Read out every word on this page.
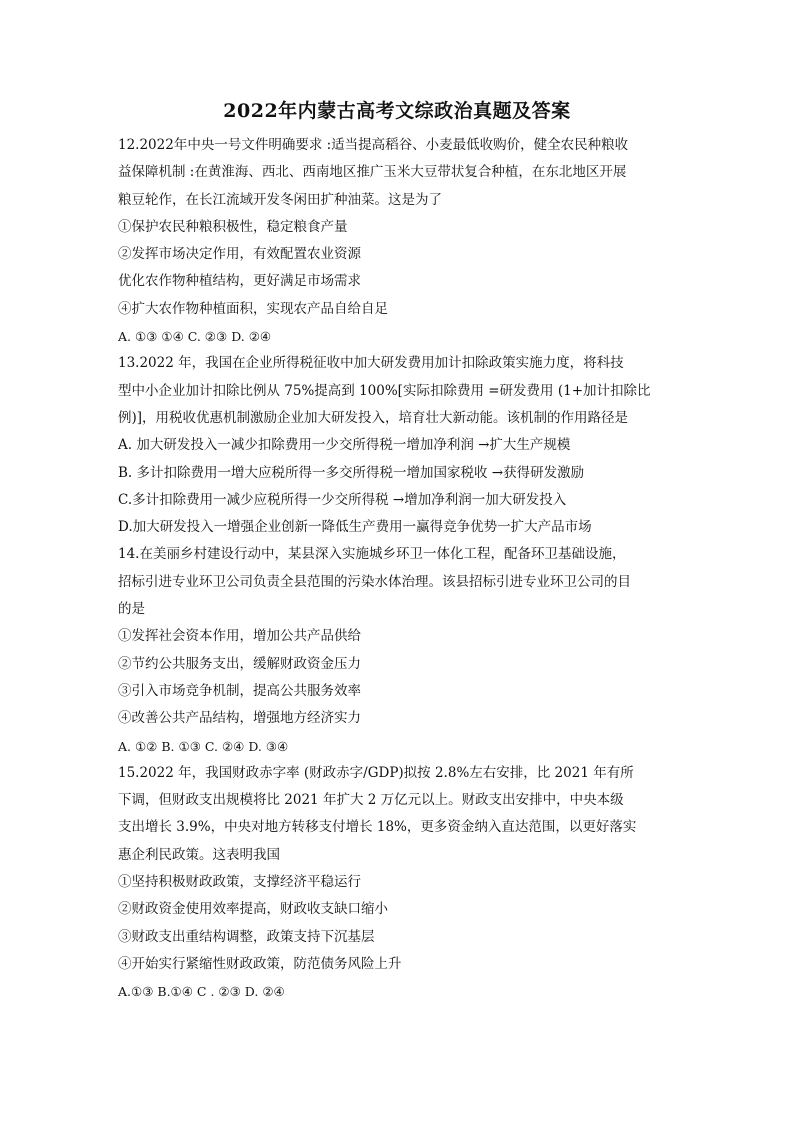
2022年内蒙古高考文综政治真题及答案
12.2022年中央一号文件明确要求 :适当提高稻谷、小麦最低收购价，健全农民种粮收
益保障机制 :在黄淮海、西北、西南地区推广玉米大豆带状复合种植，在东北地区开展
粮豆轮作，在长江流域开发冬闲田扩种油菜。这是为了
①保护农民种粮积极性，稳定粮食产量
②发挥市场决定作用，有效配置农业资源
优化农作物种植结构，更好满足市场需求
④扩大农作物种植面积，实现农产品自给自足
A. ①③ ①④ C. ②③ D. ②④
13.2022 年，我国在企业所得税征收中加大研发费用加计扣除政策实施力度，将科技
型中小企业加计扣除比例从 75%提高到 100%[实际扣除费用 =研发费用 (1+加计扣除比
例)]，用税收优惠机制激励企业加大研发投入，培育壮大新动能。该机制的作用路径是
A. 加大研发投入一减少扣除费用一少交所得税一增加净利润 →扩大生产规模
B. 多计扣除费用一增大应税所得一多交所得税一增加国家税收 →获得研发激励
C.多计扣除费用一减少应税所得一少交所得税 →增加净利润一加大研发投入
D.加大研发投入一增强企业创新一降低生产费用一赢得竞争优势一扩大产品市场
14.在美丽乡村建设行动中，某县深入实施城乡环卫一体化工程，配备环卫基础设施，
招标引进专业环卫公司负责全县范围的污染水体治理。该县招标引进专业环卫公司的目
的是
①发挥社会资本作用，增加公共产品供给
②节约公共服务支出，缓解财政资金压力
③引入市场竞争机制，提高公共服务效率
④改善公共产品结构，增强地方经济实力
A. ①② B. ①③ C. ②④ D. ③④
15.2022 年，我国财政赤字率 (财政赤字/GDP)拟按 2.8%左右安排，比 2021 年有所
下调，但财政支出规模将比 2021 年扩大 2 万亿元以上。财政支出安排中，中央本级
支出增长 3.9%，中央对地方转移支付增长 18%，更多资金纳入直达范围，以更好落实
惠企利民政策。这表明我国
①坚持积极财政政策，支撑经济平稳运行
②财政资金使用效率提高，财政收支缺口缩小
③财政支出重结构调整，政策支持下沉基层
④开始实行紧缩性财政政策，防范债务风险上升
A.①③ B.①④ C . ②③ D. ②④
